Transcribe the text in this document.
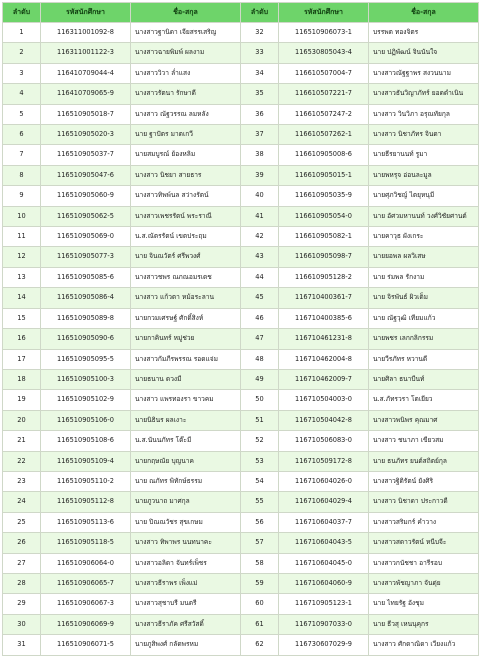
ลำดับ	รหัสนักศึกษา	ชื่อ-สกุล	ลำดับ	รหัสนักศึกษา	ชื่อ-สกุล
1	116311001092-8	นางสาวฐานิดา เจียสรรเสริญ	32	116510906073-1	บรรพต ทองจิตร
2	116311001122-3	นางสาวฉายพิมพ์ ผลงาม	33	116530805043-4	นาย ปฏิพัฒน์ จินนันใจ
3	116410709044-4	นางสาววิวา ล่ำแสง	34	116610507004-7	นางสาวณัฐฐาพร สงวนนาม
4	116410709065-9	นางสาวรัตนา รักษาดี	35	116610507221-7	นางสาวธันวิญาภัทร์ ยอดดำเนิน
5	116510905018-7	นางสาว ณัฐวรรณ ลมหลัง	36	116610507247-2	นางสาว วินวิภา อรุณทัยกุล
6	116510905020-3	นาย ฐาปัตร มาตเกวี	37	116610507262-1	นางสาว นิชาภัทร จินดา
7	116510905037-7	นายสมบูรณ์ ย้องหลิม	38	116610905008-6	นายธีรยานนท์ รูมา
8	116510905047-6	นางสาว นิชยา สายธาร	39	116610905015-1	นายพหรุจ อ่อนละมูล
9	116510905060-9	นางสาวทิพพ์นล สว่างรัตน์	40	116610905035-9	นายศุภวิชญ์ ไตยุหนุมี
10	116510905062-5	นางสาวเพชรรัตน์ พระราณี	41	116610905054-0	นาย อัศวมหานนท์ วงศ์วิชัยศานต์
11	116510905069-0	น.ส.ณัตรรัตน์ เขตประฤม	42	116610905082-1	นายคาวุธ ผังเกระ
12	116510905077-3	นาย จินณวัตร์ ศรีพวงศ์	43	116610905098-7	นายยอพล ผลวิเสษ
13	116510905085-6	นางสาวชพร ณภณอมรเดช	44	116610905128-2	นาย ร่มพล รักงาม
14	116510905086-4	นางสาว แก้วตา หม้อระลาน	45	116710400361-7	นาย จิรพันธ์ ผิวเต็ม
15	116510905089-8	นายกวมเศรษฐ์ ศักดิ์สิงห์	46	116710400385-6	นาย ณัฐวุฒิ เทียมแก้ว
16	116510905090-6	นายกาคินทร์ หมู่ช่วย	47	116710461231-8	นายพชร เลกกลิกรรม
17	116510905095-5	นางสาวกัมภีรพรรณ รอดแจ่ม	48	116710462004-8	นายวีรภัทร หวานดี
18	116510905100-3	นายธนาน ดวงมี	49	116710462009-7	นายศิลา ธนาบีนท์
19	116510905102-9	นางสาว แพรทองรา ขาวคม	50	116710504003-0	น.ส.ภัทรวรา โตเยียว
20	116510905106-0	นายนิธินร ผลเงาะ	51	116710504042-8	นางสาวพนิพร คุณมาศ
21	116510905108-6	น.ส.นันนภัทร โต๊ะมี	52	116710506083-0	นางสาว ชนาภา เขียวสม
22	116510905109-4	นายกฤษณัย บุญนาค	53	116710509172-8	นาย ธนภัทร ยนต์สถิตย์กุล
23	116510905110-2	นาย ณภัทร พิทักษ์ธรรม	54	116710604026-0	นางสาวฐิติรัตน์ ยังศิริ
24	116510905112-8	นายภูวนาถ มาศกุล	55	116710604029-4	นางสาว นิชาดา ประกาวดี
25	116510905113-6	นาย ปิณณวัชร สุขเกษม	56	116710604037-7	นางสาวสริมกร์ คำวาง
26	116510905118-5	นางสาว ทิพาพร นนทนาคะ	57	116710604043-5	นางสาวสดาวรัตน์ หนีบจีะ
27	116510906064-0	นางสาวอลิดา จันทร์เพ็ชร	58	116710604045-0	นางสาวกนัชชา อารีรอบ
28	116510906065-7	นางสาวธีราพร เพ็งแม่	59	116710604060-9	นางสาวพัชญาภา จันดุ่ย
29	116510906067-3	นางสาวสุชาบรี มนตรี	60	116710905123-1	นาย ไทยรัฐ อังชุม
30	116510906069-9	นางสาวธีราภัค ศรีสวัสดิ์	61	116710907033-0	นาย ธีวสุ เหนนุคุกร
31	116510906071-5	นายภูสิพงศ์ กลัดพรหม	62	116730607029-9	นางสาว ศักดาณิดา เวียงแก้ว
